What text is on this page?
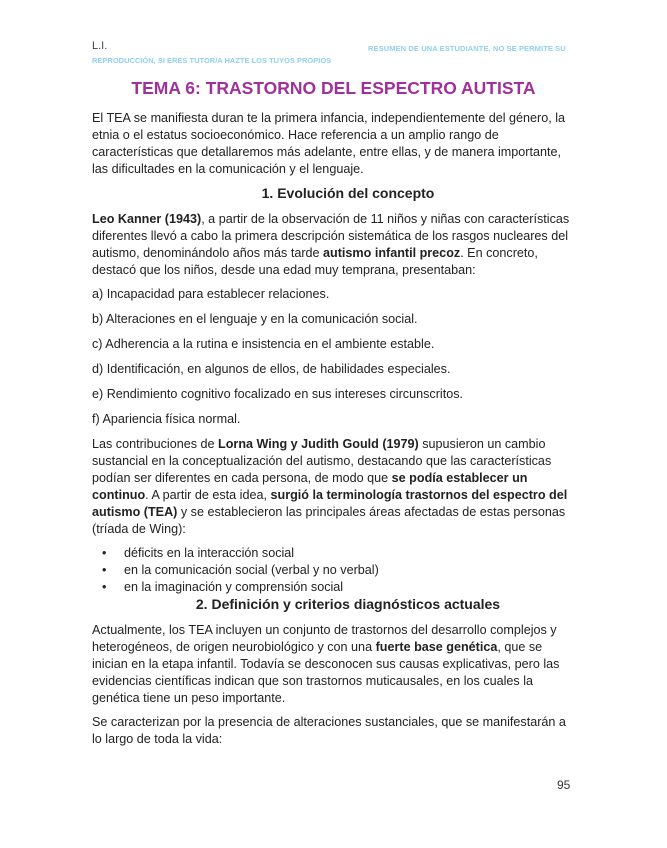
L.I.	RESUMEN DE UNA ESTUDIANTE, NO SE PERMITE SU
REPRODUCCIÓN, SI ERES TUTOR/A HAZTE LOS TUYOS PROPIOS
TEMA 6: TRASTORNO DEL ESPECTRO AUTISTA

El TEA se manifiesta duran te la primera infancia, independientemente del género, la etnia o el estatus socioeconómico. Hace referencia a un amplio rango de características que detallaremos más adelante, entre ellas, y de manera importante, las dificultades en la comunicación y el lenguaje.

1. Evolución del concepto

Leo Kanner (1943), a partir de la observación de 11 niños y niñas con características diferentes llevó a cabo la primera descripción sistemática de los rasgos nucleares del autismo, denominándolo años más tarde autismo infantil precoz. En concreto, destacó que los niños, desde una edad muy temprana, presentaban:

a) Incapacidad para establecer relaciones.

b) Alteraciones en el lenguaje y en la comunicación social.

c) Adherencia a la rutina e insistencia en el ambiente estable.

d) Identificación, en algunos de ellos, de habilidades especiales.

e) Rendimiento cognitivo focalizado en sus intereses circunscritos.

f) Apariencia física normal.

Las contribuciones de Lorna Wing y Judith Gould (1979) supusieron un cambio sustancial en la conceptualización del autismo, destacando que las características podían ser diferentes en cada persona, de modo que se podía establecer un continuo. A partir de esta idea, surgió la terminología trastornos del espectro del autismo (TEA) y se establecieron las principales áreas afectadas de estas personas (tríada de Wing):

• déficits en la interacción social
• en la comunicación social (verbal y no verbal)
• en la imaginación y comprensión social
2. Definición y criterios diagnósticos actuales

Actualmente, los TEA incluyen un conjunto de trastornos del desarrollo complejos y heterogéneos, de origen neurobiológico y con una fuerte base genética, que se inician en la etapa infantil. Todavía se desconocen sus causas explicativas, pero las evidencias científicas indican que son trastornos muticausales, en los cuales la genética tiene un peso importante.

Se caracterizan por la presencia de alteraciones sustanciales, que se manifestarán a lo largo de toda la vida:

95
